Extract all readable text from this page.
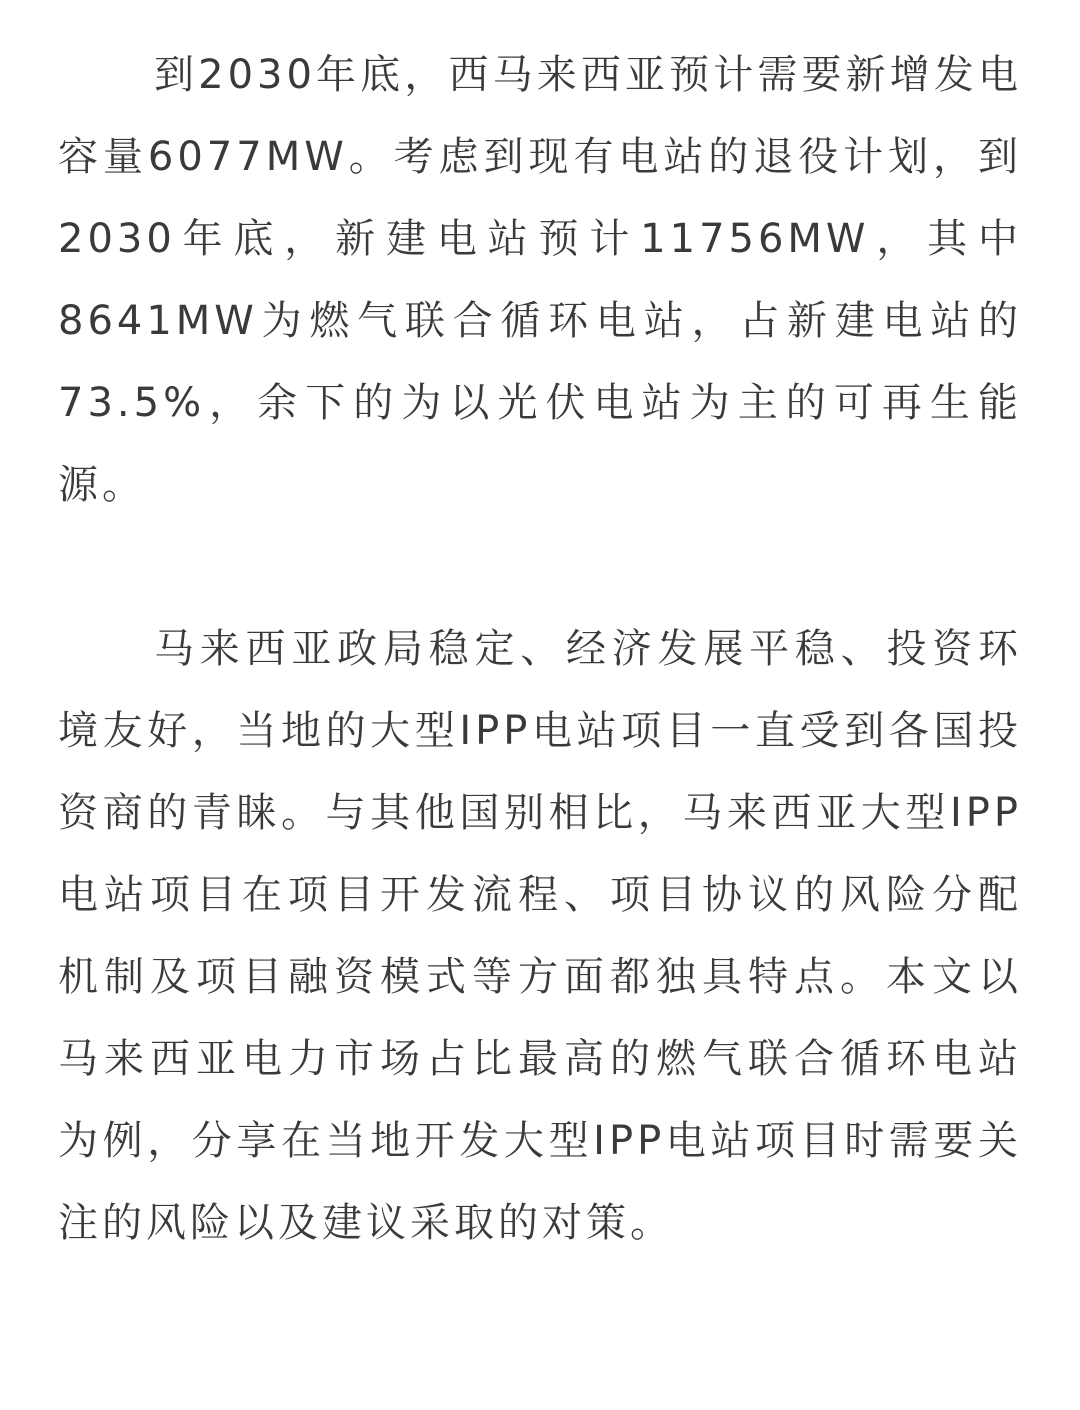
到2030年底，西马来西亚预计需要新增发电容量6077MW。考虑到现有电站的退役计划，到2030年底，新建电站预计11756MW，其中8641MW为燃气联合循环电站，占新建电站的73.5%，余下的为以光伏电站为主的可再生能源。

马来西亚政局稳定、经济发展平稳、投资环境友好，当地的大型IPP电站项目一直受到各国投资商的青睐。与其他国别相比，马来西亚大型IPP电站项目在项目开发流程、项目协议的风险分配机制及项目融资模式等方面都独具特点。本文以马来西亚电力市场占比最高的燃气联合循环电站为例，分享在当地开发大型IPP电站项目时需要关注的风险以及建议采取的对策。
